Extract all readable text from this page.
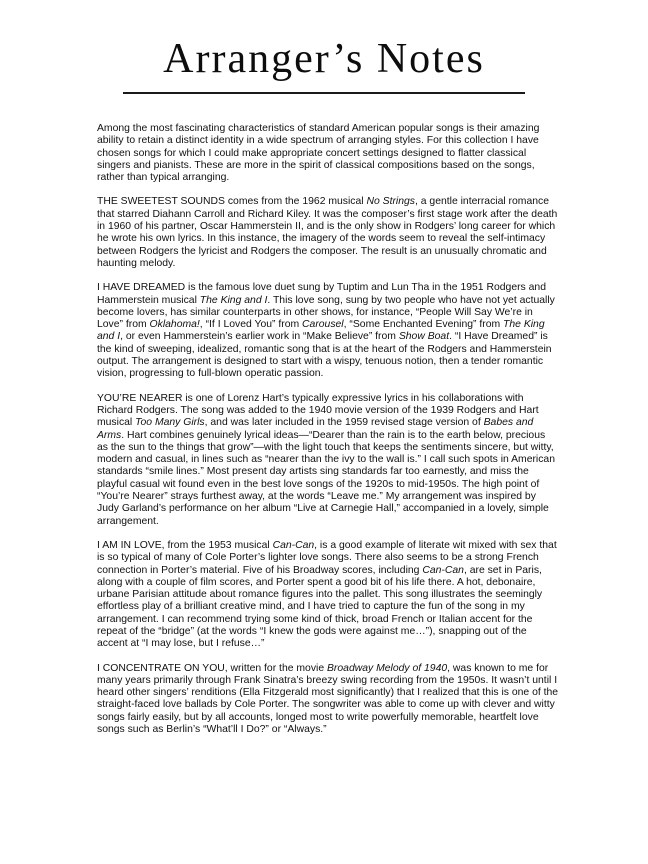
Arranger’s Notes

Among the most fascinating characteristics of standard American popular songs is their amazing ability to retain a distinct identity in a wide spectrum of arranging styles. For this collection I have chosen songs for which I could make appropriate concert settings designed to flatter classical singers and pianists. These are more in the spirit of classical compositions based on the songs, rather than typical arranging.

THE SWEETEST SOUNDS comes from the 1962 musical No Strings, a gentle interracial romance that starred Diahann Carroll and Richard Kiley. It was the composer’s first stage work after the death in 1960 of his partner, Oscar Hammerstein II, and is the only show in Rodgers’ long career for which he wrote his own lyrics. In this instance, the imagery of the words seem to reveal the self-intimacy between Rodgers the lyricist and Rodgers the composer. The result is an unusually chromatic and haunting melody.

I HAVE DREAMED is the famous love duet sung by Tuptim and Lun Tha in the 1951 Rodgers and Hammerstein musical The King and I. This love song, sung by two people who have not yet actually become lovers, has similar counterparts in other shows, for instance, “People Will Say We’re in Love” from Oklahoma!, “If I Loved You” from Carousel, “Some Enchanted Evening” from The King and I, or even Hammerstein’s earlier work in “Make Believe” from Show Boat. “I Have Dreamed” is the kind of sweeping, idealized, romantic song that is at the heart of the Rodgers and Hammerstein output. The arrangement is designed to start with a wispy, tenuous notion, then a tender romantic vision, progressing to full-blown operatic passion.

YOU’RE NEARER is one of Lorenz Hart’s typically expressive lyrics in his collaborations with Richard Rodgers. The song was added to the 1940 movie version of the 1939 Rodgers and Hart musical Too Many Girls, and was later included in the 1959 revised stage version of Babes and Arms. Hart combines genuinely lyrical ideas—“Dearer than the rain is to the earth below, precious as the sun to the things that grow”—with the light touch that keeps the sentiments sincere, but witty, modern and casual, in lines such as “nearer than the ivy to the wall is.” I call such spots in American standards “smile lines.” Most present day artists sing standards far too earnestly, and miss the playful casual wit found even in the best love songs of the 1920s to mid-1950s. The high point of “You’re Nearer” strays furthest away, at the words “Leave me.” My arrangement was inspired by Judy Garland’s performance on her album “Live at Carnegie Hall,” accompanied in a lovely, simple arrangement.

I AM IN LOVE, from the 1953 musical Can-Can, is a good example of literate wit mixed with sex that is so typical of many of Cole Porter’s lighter love songs. There also seems to be a strong French connection in Porter’s material. Five of his Broadway scores, including Can-Can, are set in Paris, along with a couple of film scores, and Porter spent a good bit of his life there. A hot, debonaire, urbane Parisian attitude about romance figures into the pallet. This song illustrates the seemingly effortless play of a brilliant creative mind, and I have tried to capture the fun of the song in my arrangement. I can recommend trying some kind of thick, broad French or Italian accent for the repeat of the “bridge” (at the words “I knew the gods were against me…”), snapping out of the accent at “I may lose, but I refuse…”

I CONCENTRATE ON YOU, written for the movie Broadway Melody of 1940, was known to me for many years primarily through Frank Sinatra’s breezy swing recording from the 1950s. It wasn’t until I heard other singers’ renditions (Ella Fitzgerald most significantly) that I realized that this is one of the straight-faced love ballads by Cole Porter. The songwriter was able to come up with clever and witty songs fairly easily, but by all accounts, longed most to write powerfully memorable, heartfelt love songs such as Berlin’s “What’ll I Do?” or “Always.”
